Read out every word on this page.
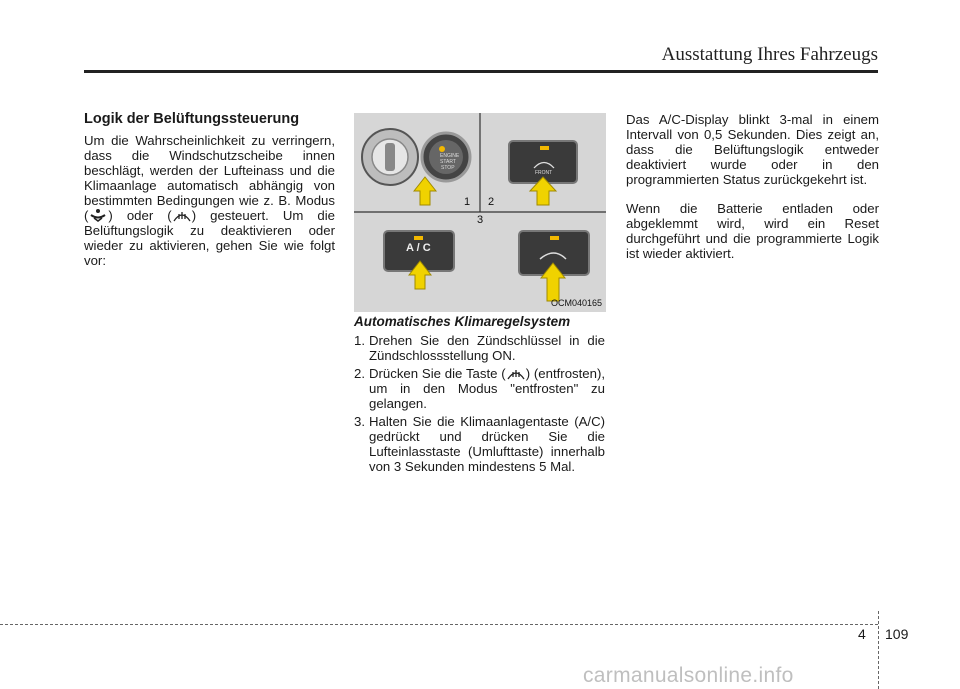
Ausstattung Ihres Fahrzeugs
Logik der Belüftungssteuerung

Um die Wahrscheinlichkeit zu verringern, dass die Windschutzscheibe innen beschlägt, werden der Lufteinass und die Klimaanlage automatisch abhängig von bestimmten Bedingungen wie z. B. Modus ( ) oder ( ) gesteuert. Um die Belüftungslogik zu deaktivieren oder wieder zu aktivieren, gehen Sie wie folgt vor:

ENGINE
START
STOP
FRONT
A / C
1 2
3
OCM040165
Automatisches Klimaregelsystem
1. Drehen Sie den Zündschlüssel in die Zündschlossstellung ON.
2. Drücken Sie die Taste ( ) (entfrosten), um in den Modus "entfrosten" zu gelangen.
3. Halten Sie die Klimaanlagentaste (A/C) gedrückt und drücken Sie die Lufteinlasstaste (Umlufttaste) innerhalb von 3 Sekunden mindestens 5 Mal.

Das A/C-Display blinkt 3-mal in einem Intervall von 0,5 Sekunden. Dies zeigt an, dass die Belüftungslogik entweder deaktiviert wurde oder in den programmierten Status zurückgekehrt ist.

Wenn die Batterie entladen oder abgeklemmt wird, wird ein Reset durchgeführt und die programmierte Logik ist wieder aktiviert.

4 109
carmanualsonline.info
